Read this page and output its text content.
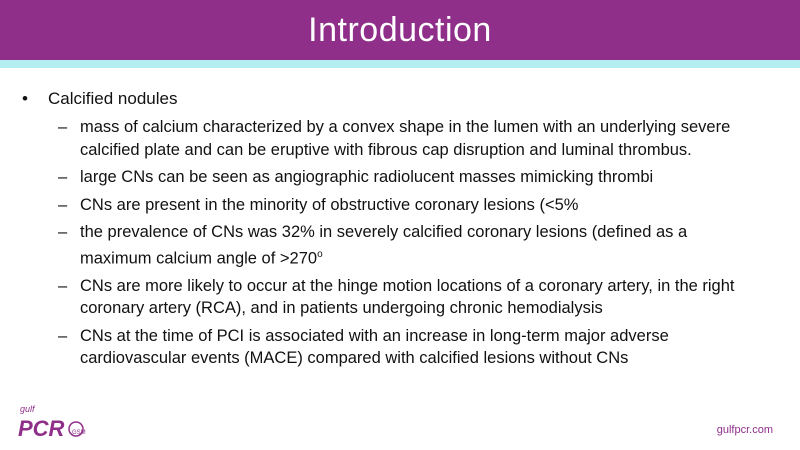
Introduction
•	Calcified nodules
– mass of calcium characterized by a convex shape in the lumen with an underlying severe calcified plate and can be eruptive with fibrous cap disruption and luminal thrombus.
– large CNs can be seen as angiographic radiolucent masses mimicking thrombi
– CNs are present in the minority of obstructive coronary lesions (<5%
– the prevalence of CNs was 32% in severely calcified coronary lesions (defined as a maximum calcium angle of $>270^o$
– CNs are more likely to occur at the hinge motion locations of a coronary artery, in the right coronary artery (RCA), and in patients undergoing chronic hemodialysis
– CNs at the time of PCI is associated with an increase in long-term major adverse cardiovascular events (MACE) compared with calcified lesions without CNs
gulf
PCR GSM	gulfpcr.com
